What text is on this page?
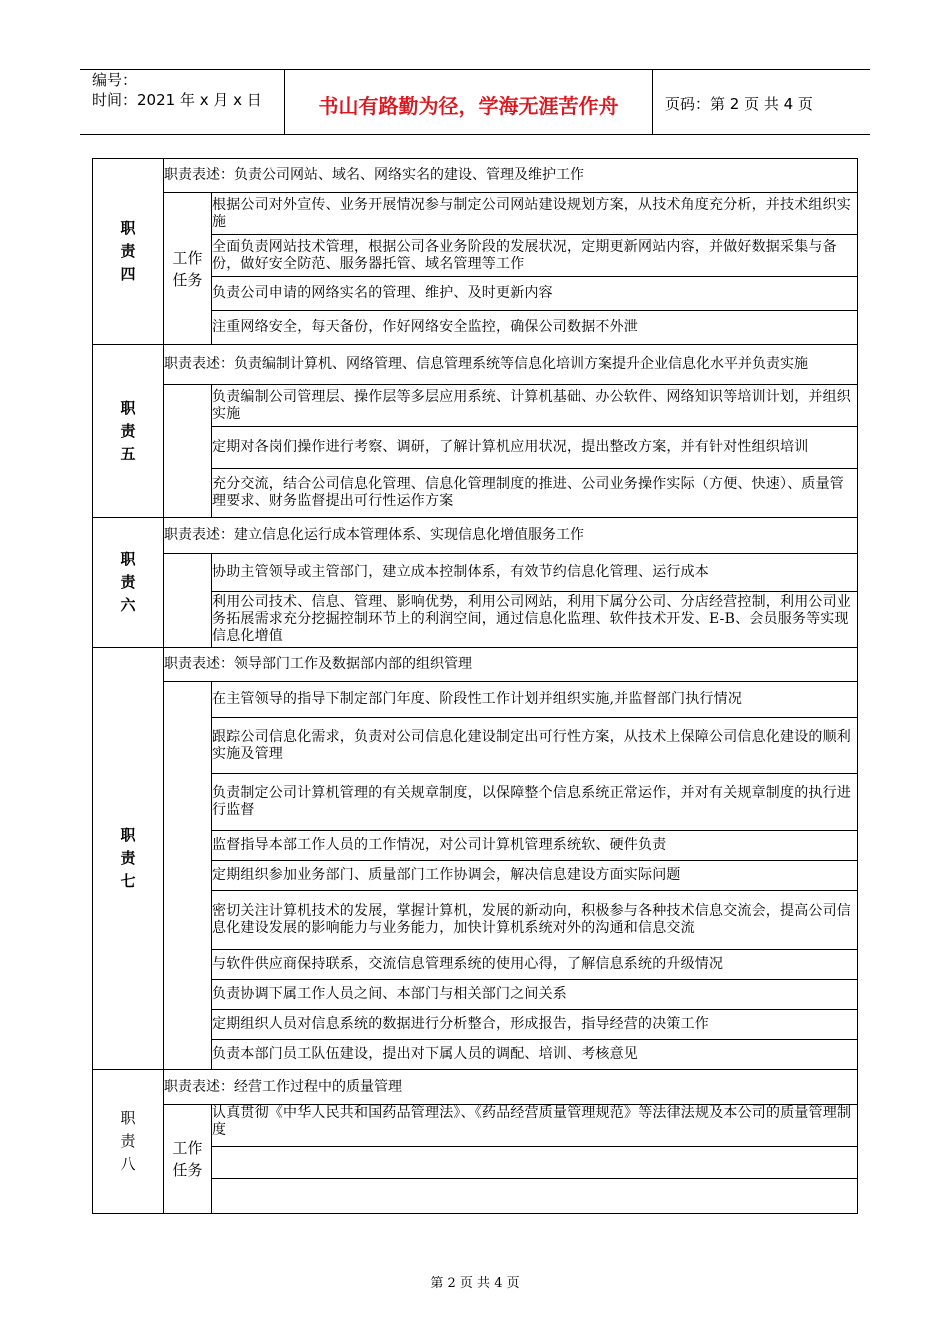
编号：
时间：2021 年 x 月 x 日	书山有路勤为径，学海无涯苦作舟	页码：第 2 页 共 4 页
职责四	职责表述：负责公司网站、域名、网络实名的建设、管理及维护工作	

	工作任务	根据公司对外宣传、业务开展情况参与制定公司网站建设规划方案，从技术角度充分析，并技术组织实施
		全面负责网站技术管理，根据公司各业务阶段的发展状况，定期更新网站内容，并做好数据采集与备份，做好安全防范、服务器托管、域名管理等工作
		负责公司申请的网络实名的管理、维护、及时更新内容
		注重网络安全，每天备份，作好网络安全监控，确保公司数据不外泄

职责五	职责表述：负责编制计算机、网络管理、信息管理系统等信息化培训方案提升企业信息化水平并负责实施	
		负责编制公司管理层、操作层等多层应用系统、计算机基础、办公软件、网络知识等培训计划，并组织实施
		定期对各岗们操作进行考察、调研，了解计算机应用状况，提出整改方案，并有针对性组织培训
		充分交流，结合公司信息化管理、信息化管理制度的推进、公司业务操作实际（方便、快速）、质量管理要求、财务监督提出可行性运作方案

职责六	职责表述：建立信息化运行成本管理体系、实现信息化增值服务工作	
		协助主管领导或主管部门，建立成本控制体系，有效节约信息化管理、运行成本
		利用公司技术、信息、管理、影响优势，利用公司网站，利用下属分公司、分店经营控制，利用公司业务拓展需求充分挖掘控制环节上的利润空间，通过信息化监理、软件技术开发、E-B、会员服务等实现信息化增值

职责七	职责表述：领导部门工作及数据部内部的组织管理	
		在主管领导的指导下制定部门年度、阶段性工作计划并组织实施,并监督部门执行情况
		跟踪公司信息化需求，负责对公司信息化建设制定出可行性方案，从技术上保障公司信息化建设的顺利实施及管理
		负责制定公司计算机管理的有关规章制度，以保障整个信息系统正常运作，并对有关规章制度的执行进行监督
		监督指导本部工作人员的工作情况，对公司计算机管理系统软、硬件负责
		定期组织参加业务部门、质量部门工作协调会，解决信息建设方面实际问题
		密切关注计算机技术的发展，掌握计算机，发展的新动向，积极参与各种技术信息交流会，提高公司信息化建设发展的影响能力与业务能力，加快计算机系统对外的沟通和信息交流
		与软件供应商保持联系，交流信息管理系统的使用心得，了解信息系统的升级情况
		负责协调下属工作人员之间、本部门与相关部门之间关系
		定期组织人员对信息系统的数据进行分析整合，形成报告，指导经营的决策工作
		负责本部门员工队伍建设，提出对下属人员的调配、培训、考核意见

职责八	职责表述：经营工作过程中的质量管理	

	工作任务	认真贯彻《中华人民共和国药品管理法》、《药品经营质量管理规范》等法律法规及本公司的质量管理制度

第 2 页 共 4 页
